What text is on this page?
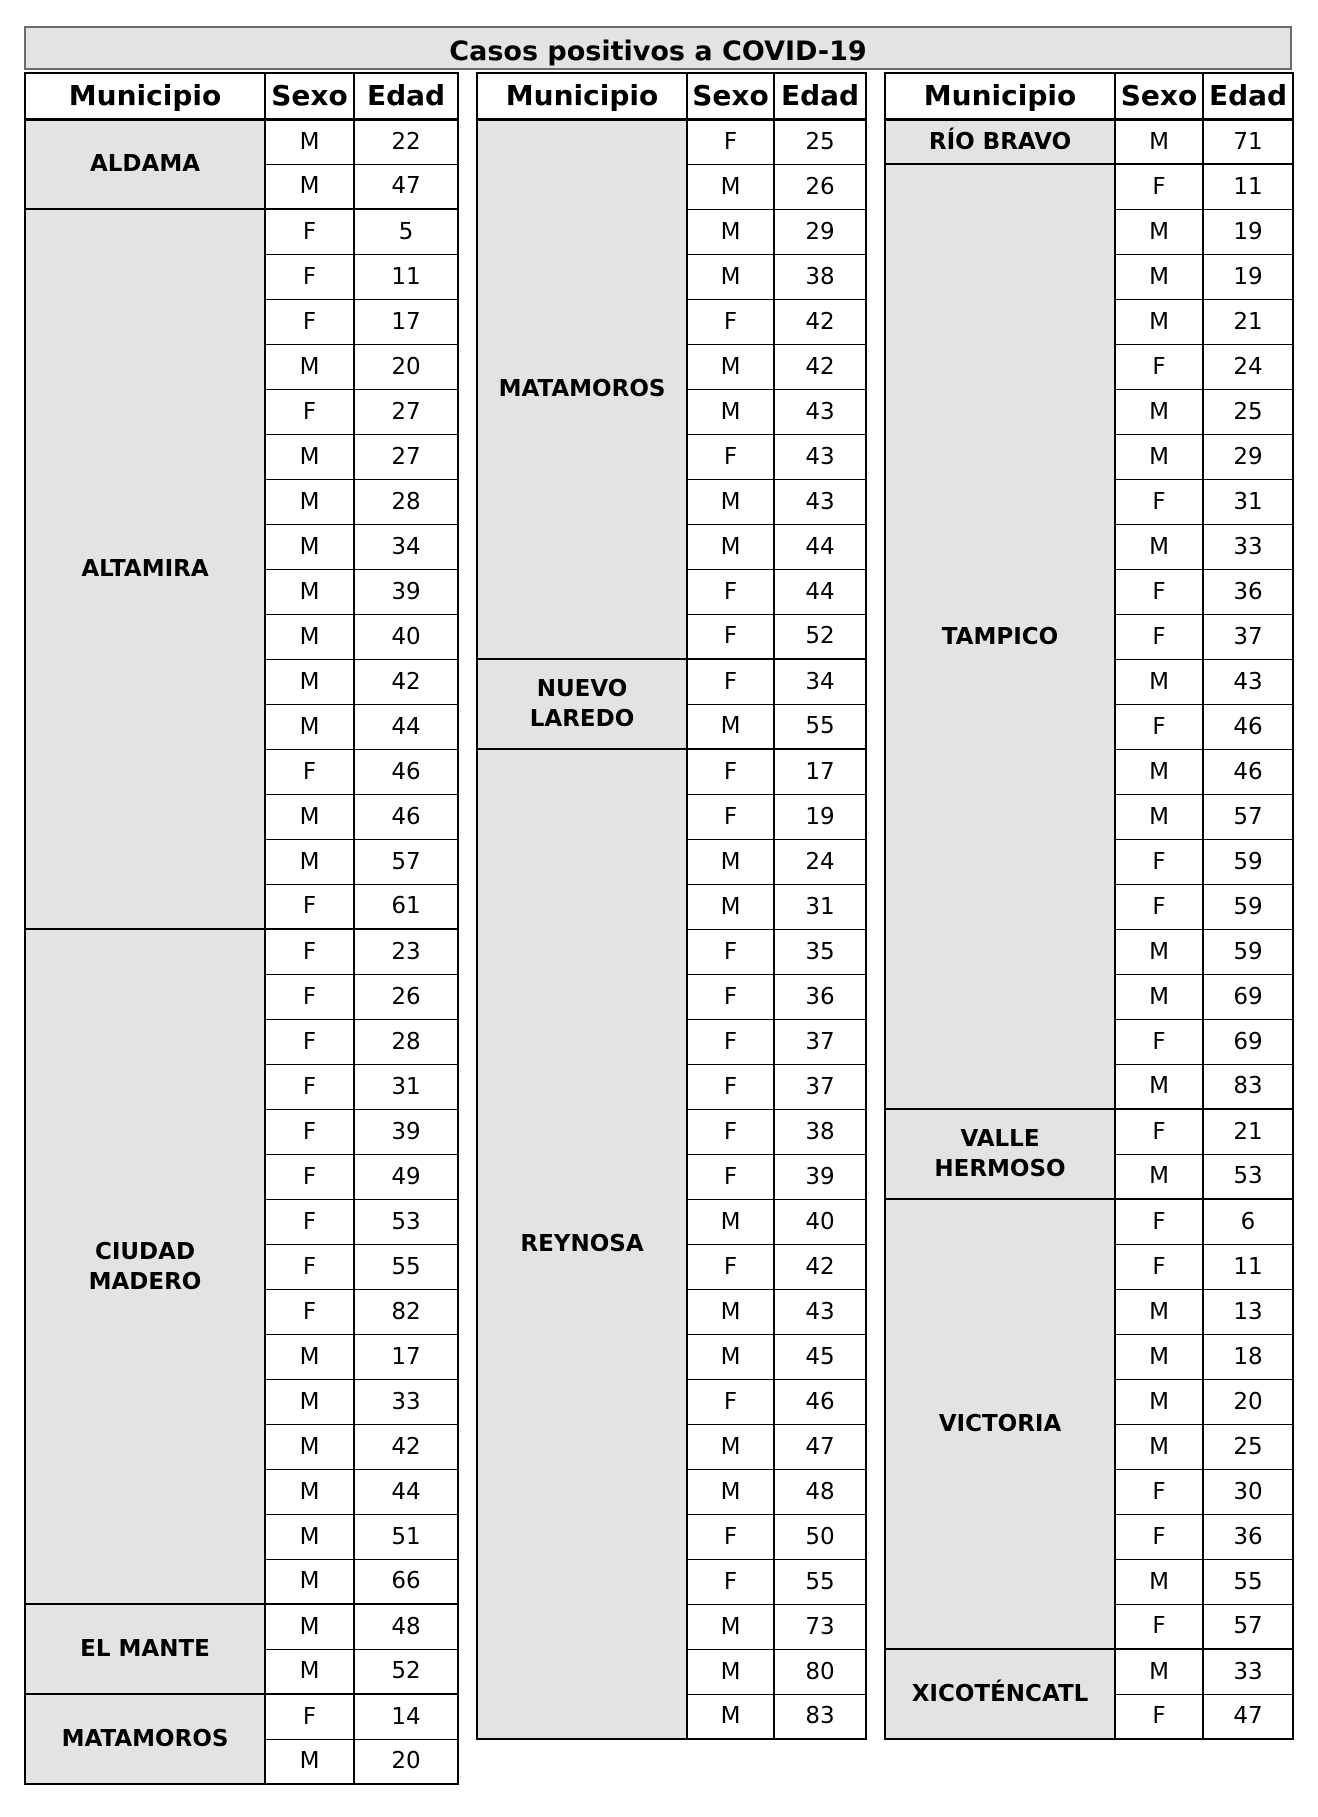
Casos positivos a COVID-19
Municipio	Sexo	Edad
ALDAMA	M	22
	M	47
ALTAMIRA	F	5
	F	11
	F	17
	M	20
	F	27
	M	27
	M	28
	M	34
	M	39
	M	40
	M	42
	M	44
	F	46
	M	46
	M	57
	F	61
CIUDAD MADERO	F	23
	F	26
	F	28
	F	31
	F	39
	F	49
	F	53
	F	55
	F	82
	M	17
	M	33
	M	42
	M	44
	M	51
	M	66
EL MANTE	M	48
	M	52
MATAMOROS	F	14
	M	20
Municipio	Sexo	Edad
MATAMOROS	F	25
	M	26
	M	29
	M	38
	F	42
	M	42
	M	43
	F	43
	M	43
	M	44
	F	44
	F	52
NUEVO LAREDO	F	34
	M	55
REYNOSA	F	17
	F	19
	M	24
	M	31
	F	35
	F	36
	F	37
	F	37
	F	38
	F	39
	M	40
	F	42
	M	43
	M	45
	F	46
	M	47
	M	48
	F	50
	F	55
	M	73
	M	80
	M	83
Municipio	Sexo	Edad
RÍO BRAVO	M	71
TAMPICO	F	11
	M	19
	M	19
	M	21
	F	24
	M	25
	M	29
	F	31
	M	33
	F	36
	F	37
	M	43
	F	46
	M	46
	M	57
	F	59
	F	59
	M	59
	M	69
	F	69
	M	83
VALLE HERMOSO	F	21
	M	53
VICTORIA	F	6
	F	11
	M	13
	M	18
	M	20
	M	25
	F	30
	F	36
	M	55
	F	57
XICOTÉNCATL	M	33
	F	47
